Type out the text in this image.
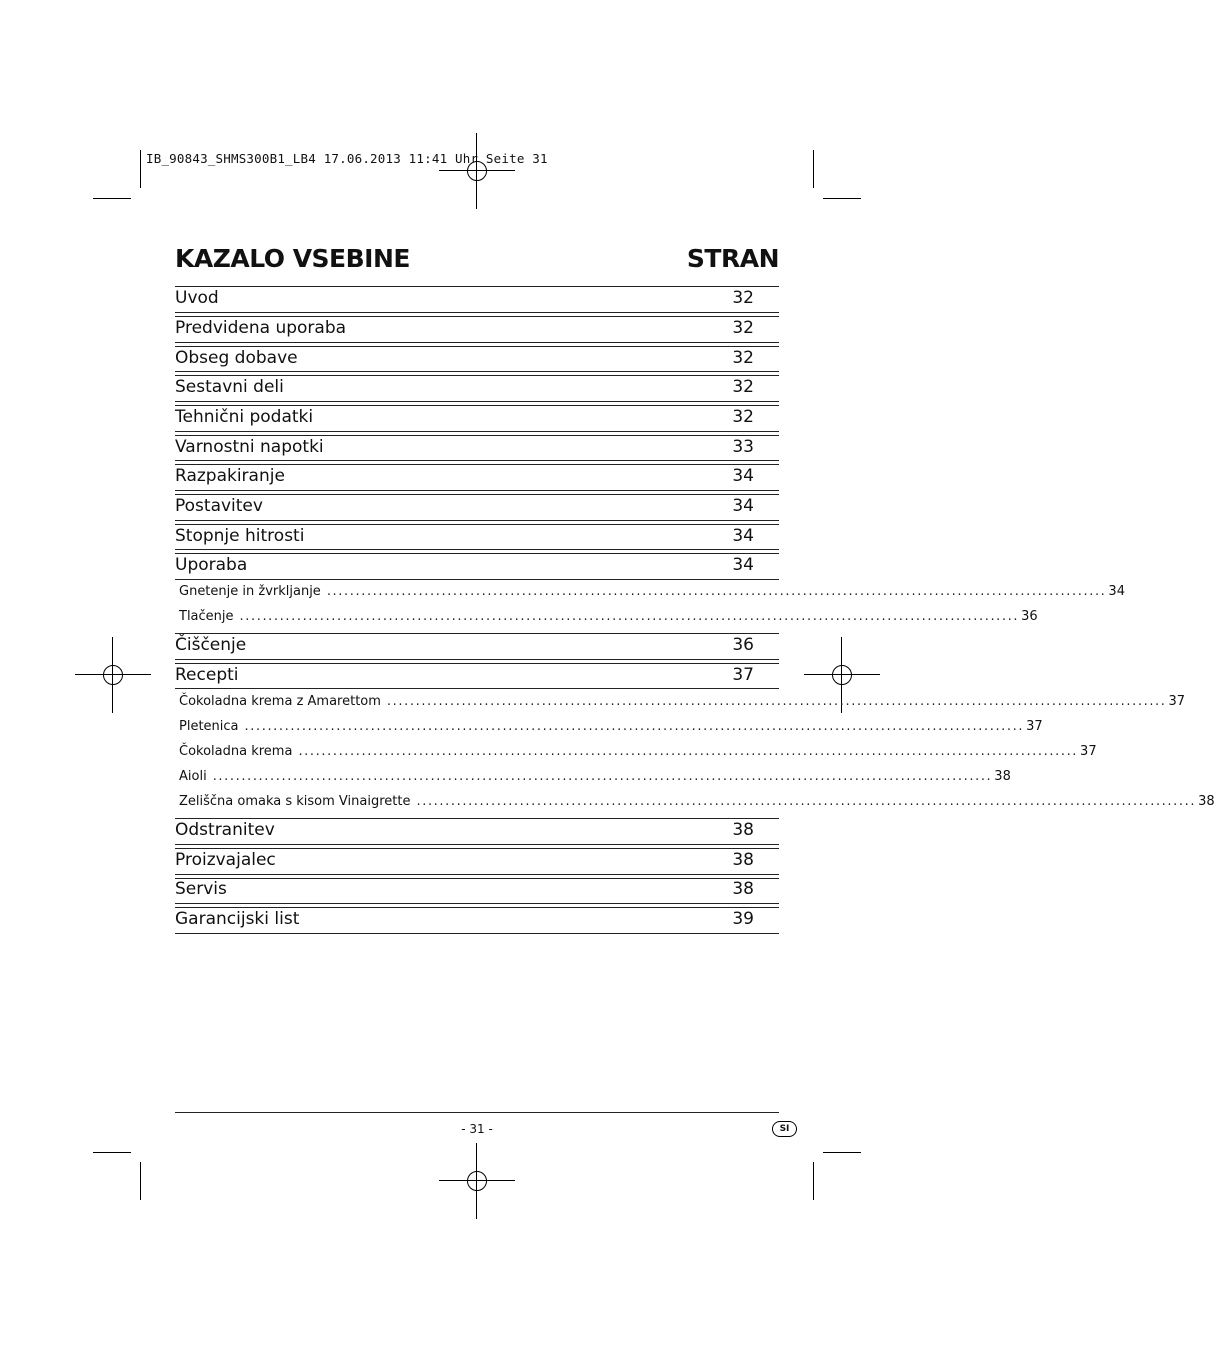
IB_90843_SHMS300B1_LB4 17.06.2013 11:41 Uhr Seite 31
KAZALO VSEBINE	STRAN
Uvod	32
Predvidena uporaba	32
Obseg dobave	32
Sestavni deli	32
Tehnični podatki	32
Varnostni napotki	33
Razpakiranje	34
Postavitev	34
Stopnje hitrosti	34
Uporaba	34
Gnetenje in žvrkljanje ........................................................................................................................................ 34
Tlačenje ........................................................................................................................................ 36
Čiščenje	36
Recepti	37
Čokoladna krema z Amarettom ........................................................................................................................................ 37
Pletenica ........................................................................................................................................ 37
Čokoladna krema ........................................................................................................................................ 37
Aioli ........................................................................................................................................ 38
Zeliščna omaka s kisom Vinaigrette ........................................................................................................................................ 38
Odstranitev	38
Proizvajalec	38
Servis	38
Garancijski list	39
- 31 -	SI
